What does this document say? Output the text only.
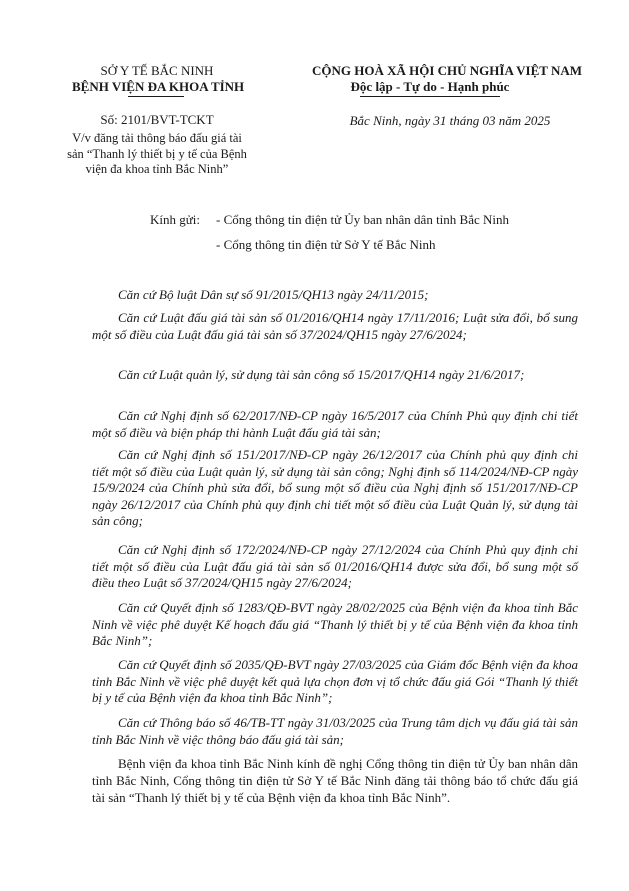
SỞ Y TẾ BẮC NINH
BỆNH VIỆN ĐA KHOA TỈNH
Số: 2101/BVT-TCKT
V/v đăng tải thông báo đấu giá tài
sản “Thanh lý thiết bị y tế của Bệnh
viện đa khoa tỉnh Bắc Ninh”
CỘNG HOÀ XÃ HỘI CHỦ NGHĨA VIỆT NAM
Độc lập - Tự do - Hạnh phúc
Bắc Ninh, ngày 31 tháng 03 năm 2025
Kính gửi: - Cổng thông tin điện tử Ủy ban nhân dân tỉnh Bắc Ninh
- Cổng thông tin điện tử Sở Y tế Bắc Ninh
Căn cứ Bộ luật Dân sự số 91/2015/QH13 ngày 24/11/2015;
Căn cứ Luật đấu giá tài sản số 01/2016/QH14 ngày 17/11/2016; Luật sửa đổi, bổ sung một số điều của Luật đấu giá tài sản số 37/2024/QH15 ngày 27/6/2024;
Căn cứ Luật quản lý, sử dụng tài sản công số 15/2017/QH14 ngày 21/6/2017;
Căn cứ Nghị định số 62/2017/NĐ-CP ngày 16/5/2017 của Chính Phủ quy định chi tiết một số điều và biện pháp thi hành Luật đấu giá tài sản;
Căn cứ Nghị định số 151/2017/NĐ-CP ngày 26/12/2017 của Chính phủ quy định chi tiết một số điều của Luật quản lý, sử dụng tài sản công; Nghị định số 114/2024/NĐ-CP ngày 15/9/2024 của Chính phủ sửa đổi, bổ sung một số điều của Nghị định số 151/2017/NĐ-CP ngày 26/12/2017 của Chính phủ quy định chi tiết một số điều của Luật Quản lý, sử dụng tài sản công;
Căn cứ Nghị định số 172/2024/NĐ-CP ngày 27/12/2024 của Chính Phủ quy định chi tiết một số điều của Luật đấu giá tài sản số 01/2016/QH14 được sửa đổi, bổ sung một số điều theo Luật số 37/2024/QH15 ngày 27/6/2024;
Căn cứ Quyết định số 1283/QĐ-BVT ngày 28/02/2025 của Bệnh viện đa khoa tỉnh Bắc Ninh về việc phê duyệt Kế hoạch đấu giá “Thanh lý thiết bị y tế của Bệnh viện đa khoa tỉnh Bắc Ninh”;
Căn cứ Quyết định số 2035/QĐ-BVT ngày 27/03/2025 của Giám đốc Bệnh viện đa khoa tỉnh Bắc Ninh về việc phê duyệt kết quả lựa chọn đơn vị tổ chức đấu giá Gói “Thanh lý thiết bị y tế của Bệnh viện đa khoa tỉnh Bắc Ninh”;
Căn cứ Thông báo số 46/TB-TT ngày 31/03/2025 của Trung tâm dịch vụ đấu giá tài sản tỉnh Bắc Ninh về việc thông báo đấu giá tài sản;
Bệnh viện đa khoa tỉnh Bắc Ninh kính đề nghị Cổng thông tin điện tử Ủy ban nhân dân tỉnh Bắc Ninh, Cổng thông tin điện tử Sở Y tế Bắc Ninh đăng tải thông báo tổ chức đấu giá tài sản “Thanh lý thiết bị y tế của Bệnh viện đa khoa tỉnh Bắc Ninh”.
